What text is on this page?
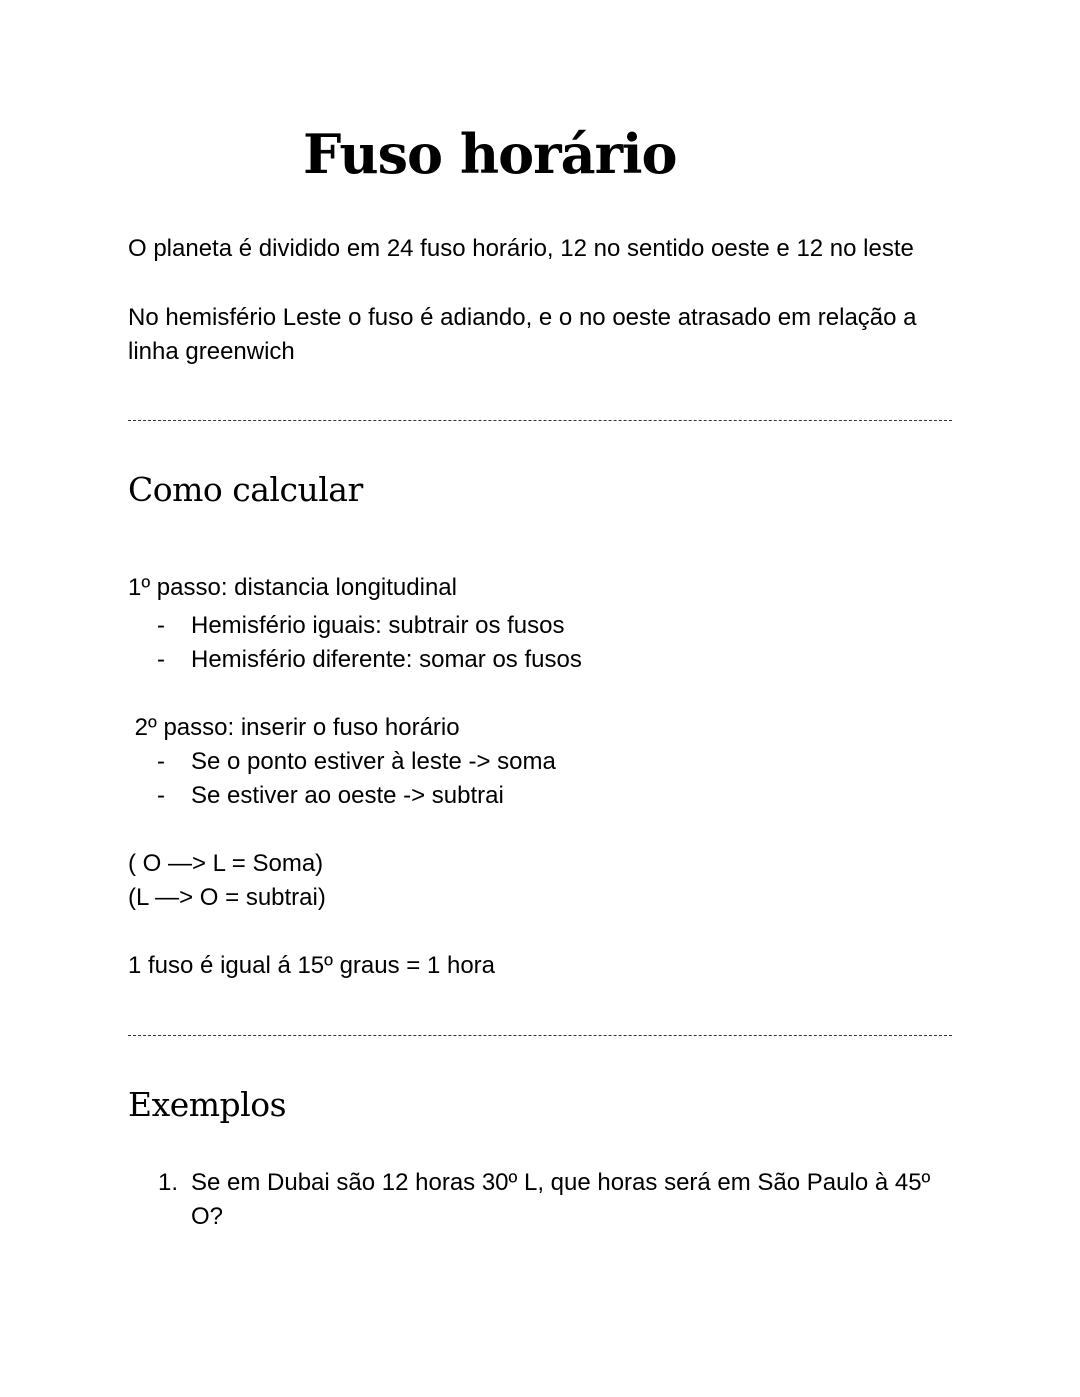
Fuso horário

O planeta é dividido em 24 fuso horário, 12 no sentido oeste e 12 no leste

No hemisfério Leste o fuso é adiando, e o no oeste atrasado em relação a

linha greenwich

Como calcular

1º passo: distancia longitudinal

- Hemisfério iguais: subtrair os fusos
- Hemisfério diferente: somar os fusos

2º passo: inserir o fuso horário

- Se o ponto estiver à leste -> soma
- Se estiver ao oeste -> subtrai

( O —> L = Soma)

(L —> O = subtrai)

1 fuso é igual á 15º graus = 1 hora

Exemplos
1. Se em Dubai são 12 horas 30º L, que horas será em São Paulo à 45º
O?
